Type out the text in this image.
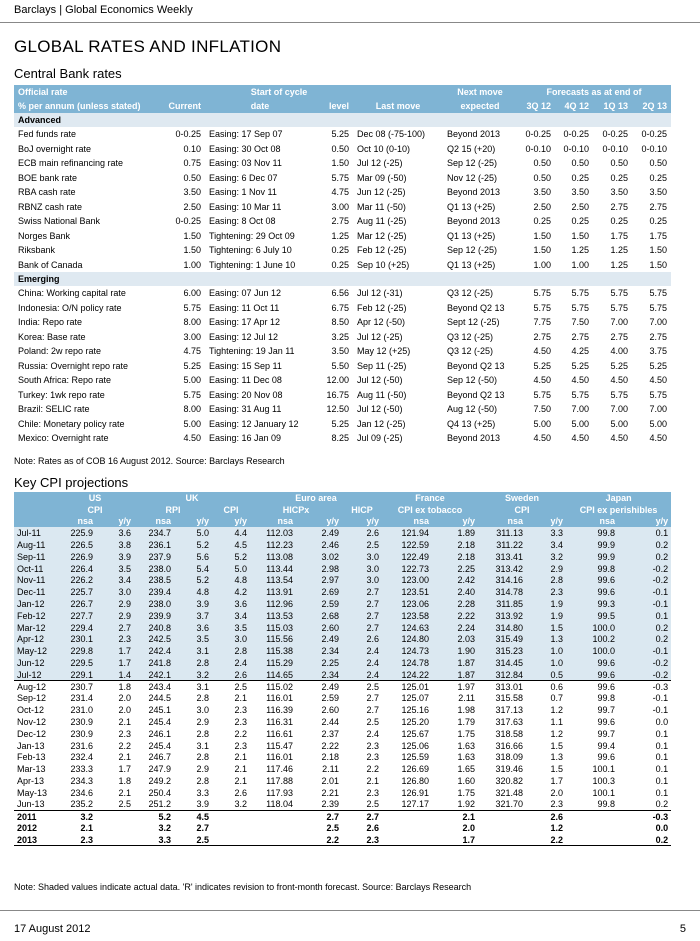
Barclays | Global Economics Weekly
GLOBAL RATES AND INFLATION
Central Bank rates
Official rate		Start of cycle			Next move	Forecasts as at end of			
% per annum (unless stated)	Current	date	level	Last move	expected	3Q 12	4Q 12	1Q 13	2Q 13
Advanced									
Fed funds rate	0-0.25	Easing: 17 Sep 07	5.25	Dec 08 (-75-100)	Beyond 2013	0-0.25	0-0.25	0-0.25	0-0.25
BoJ overnight rate	0.10	Easing: 30 Oct 08	0.50	Oct 10 (0-10)	Q2 15 (+20)	0-0.10	0-0.10	0-0.10	0-0.10
ECB main refinancing rate	0.75	Easing: 03 Nov 11	1.50	Jul 12 (-25)	Sep 12 (-25)	0.50	0.50	0.50	0.50
BOE bank rate	0.50	Easing: 6 Dec 07	5.75	Mar 09 (-50)	Nov 12 (-25)	0.50	0.25	0.25	0.25
RBA cash rate	3.50	Easing: 1 Nov 11	4.75	Jun 12 (-25)	Beyond 2013	3.50	3.50	3.50	3.50
RBNZ cash rate	2.50	Easing: 10 Mar 11	3.00	Mar 11 (-50)	Q1 13 (+25)	2.50	2.50	2.75	2.75
Swiss National Bank	0-0.25	Easing: 8 Oct 08	2.75	Aug 11 (-25)	Beyond 2013	0.25	0.25	0.25	0.25
Norges Bank	1.50	Tightening: 29 Oct 09	1.25	Mar 12 (-25)	Q1 13 (+25)	1.50	1.50	1.75	1.75
Riksbank	1.50	Tightening: 6 July 10	0.25	Feb 12 (-25)	Sep 12 (-25)	1.50	1.25	1.25	1.50
Bank of Canada	1.00	Tightening: 1 June 10	0.25	Sep 10 (+25)	Q1 13 (+25)	1.00	1.00	1.25	1.50
Emerging									
China: Working capital rate	6.00	Easing: 07 Jun 12	6.56	Jul 12 (-31)	Q3 12 (-25)	5.75	5.75	5.75	5.75
Indonesia: O/N policy rate	5.75	Easing: 11 Oct 11	6.75	Feb 12 (-25)	Beyond Q2 13	5.75	5.75	5.75	5.75
India: Repo rate	8.00	Easing: 17 Apr 12	8.50	Apr 12 (-50)	Sept 12 (-25)	7.75	7.50	7.00	7.00
Korea: Base rate	3.00	Easing: 12 Jul 12	3.25	Jul 12 (-25)	Q3 12 (-25)	2.75	2.75	2.75	2.75
Poland: 2w repo rate	4.75	Tightening: 19 Jan 11	3.50	May 12 (+25)	Q3 12 (-25)	4.50	4.25	4.00	3.75
Russia: Overnight repo rate	5.25	Easing: 15 Sep 11	5.50	Sep 11 (-25)	Beyond Q2 13	5.25	5.25	5.25	5.25
South Africa: Repo rate	5.00	Easing: 11 Dec 08	12.00	Jul 12 (-50)	Sep 12 (-50)	4.50	4.50	4.50	4.50
Turkey: 1wk repo rate	5.75	Easing: 20 Nov 08	16.75	Aug 11 (-50)	Beyond Q2 13	5.75	5.75	5.75	5.75
Brazil: SELIC rate	8.00	Easing: 31 Aug 11	12.50	Jul 12 (-50)	Aug 12 (-50)	7.50	7.00	7.00	7.00
Chile: Monetary policy rate	5.00	Easing: 12 January 12	5.25	Jan 12 (-25)	Q4 13 (+25)	5.00	5.00	5.00	5.00
Mexico: Overnight rate	4.50	Easing: 16 Jan 09	8.25	Jul 09 (-25)	Beyond 2013	4.50	4.50	4.50	4.50
Note: Rates as of COB 16 August 2012. Source: Barclays Research
Key CPI projections
	US		UK			Euro area			France		Sweden		Japan	
	CPI		RPI		CPI	HICPx		HICP	CPI ex tobacco		CPI		CPI ex perishibles	
	nsa	y/y	nsa	y/y	y/y	nsa	y/y	y/y	nsa	y/y	nsa	y/y	nsa	y/y
Jul-11	225.9	3.6	234.7	5.0	4.4	112.03	2.49	2.6	121.94	1.89	311.13	3.3	99.8	0.1
Aug-11	226.5	3.8	236.1	5.2	4.5	112.23	2.46	2.5	122.59	2.18	311.22	3.4	99.9	0.2
Sep-11	226.9	3.9	237.9	5.6	5.2	113.08	3.02	3.0	122.49	2.18	313.41	3.2	99.9	0.2
Oct-11	226.4	3.5	238.0	5.4	5.0	113.44	2.98	3.0	122.73	2.25	313.42	2.9	99.8	-0.2
Nov-11	226.2	3.4	238.5	5.2	4.8	113.54	2.97	3.0	123.00	2.42	314.16	2.8	99.6	-0.2
Dec-11	225.7	3.0	239.4	4.8	4.2	113.91	2.69	2.7	123.51	2.40	314.78	2.3	99.6	-0.1
Jan-12	226.7	2.9	238.0	3.9	3.6	112.96	2.59	2.7	123.06	2.28	311.85	1.9	99.3	-0.1
Feb-12	227.7	2.9	239.9	3.7	3.4	113.53	2.68	2.7	123.58	2.22	313.92	1.9	99.5	0.1
Mar-12	229.4	2.7	240.8	3.6	3.5	115.03	2.60	2.7	124.63	2.24	314.80	1.5	100.0	0.2
Apr-12	230.1	2.3	242.5	3.5	3.0	115.56	2.49	2.6	124.80	2.03	315.49	1.3	100.2	0.2
May-12	229.8	1.7	242.4	3.1	2.8	115.38	2.34	2.4	124.73	1.90	315.23	1.0	100.0	-0.1
Jun-12	229.5	1.7	241.8	2.8	2.4	115.29	2.25	2.4	124.78	1.87	314.45	1.0	99.6	-0.2
Jul-12	229.1	1.4	242.1	3.2	2.6	114.65	2.34	2.4	124.22	1.87	312.84	0.5	99.6	-0.2
Aug-12	230.7	1.8	243.4	3.1	2.5	115.02	2.49	2.5	125.01	1.97	313.01	0.6	99.6	-0.3
Sep-12	231.4	2.0	244.5	2.8	2.1	116.01	2.59	2.7	125.07	2.11	315.58	0.7	99.8	-0.1
Oct-12	231.0	2.0	245.1	3.0	2.3	116.39	2.60	2.7	125.16	1.98	317.13	1.2	99.7	-0.1
Nov-12	230.9	2.1	245.4	2.9	2.3	116.31	2.44	2.5	125.20	1.79	317.63	1.1	99.6	0.0
Dec-12	230.9	2.3	246.1	2.8	2.2	116.61	2.37	2.4	125.67	1.75	318.58	1.2	99.7	0.1
Jan-13	231.6	2.2	245.4	3.1	2.3	115.47	2.22	2.3	125.06	1.63	316.66	1.5	99.4	0.1
Feb-13	232.4	2.1	246.7	2.8	2.1	116.01	2.18	2.3	125.59	1.63	318.09	1.3	99.6	0.1
Mar-13	233.3	1.7	247.9	2.9	2.1	117.46	2.11	2.2	126.69	1.65	319.46	1.5	100.1	0.1
Apr-13	234.3	1.8	249.2	2.8	2.1	117.88	2.01	2.1	126.80	1.60	320.82	1.7	100.3	0.1
May-13	234.6	2.1	250.4	3.3	2.6	117.93	2.21	2.3	126.91	1.75	321.48	2.0	100.1	0.1
Jun-13	235.2	2.5	251.2	3.9	3.2	118.04	2.39	2.5	127.17	1.92	321.70	2.3	99.8	0.2
2011	3.2		5.2	4.5			2.7	2.7		2.1		2.6		-0.3
2012	2.1		3.2	2.7			2.5	2.6		2.0		1.2		0.0
2013	2.3		3.3	2.5			2.2	2.3		1.7		2.2		0.2
Note: Shaded values indicate actual data. 'R' indicates revision to front-month forecast. Source: Barclays Research
17 August 2012	5
